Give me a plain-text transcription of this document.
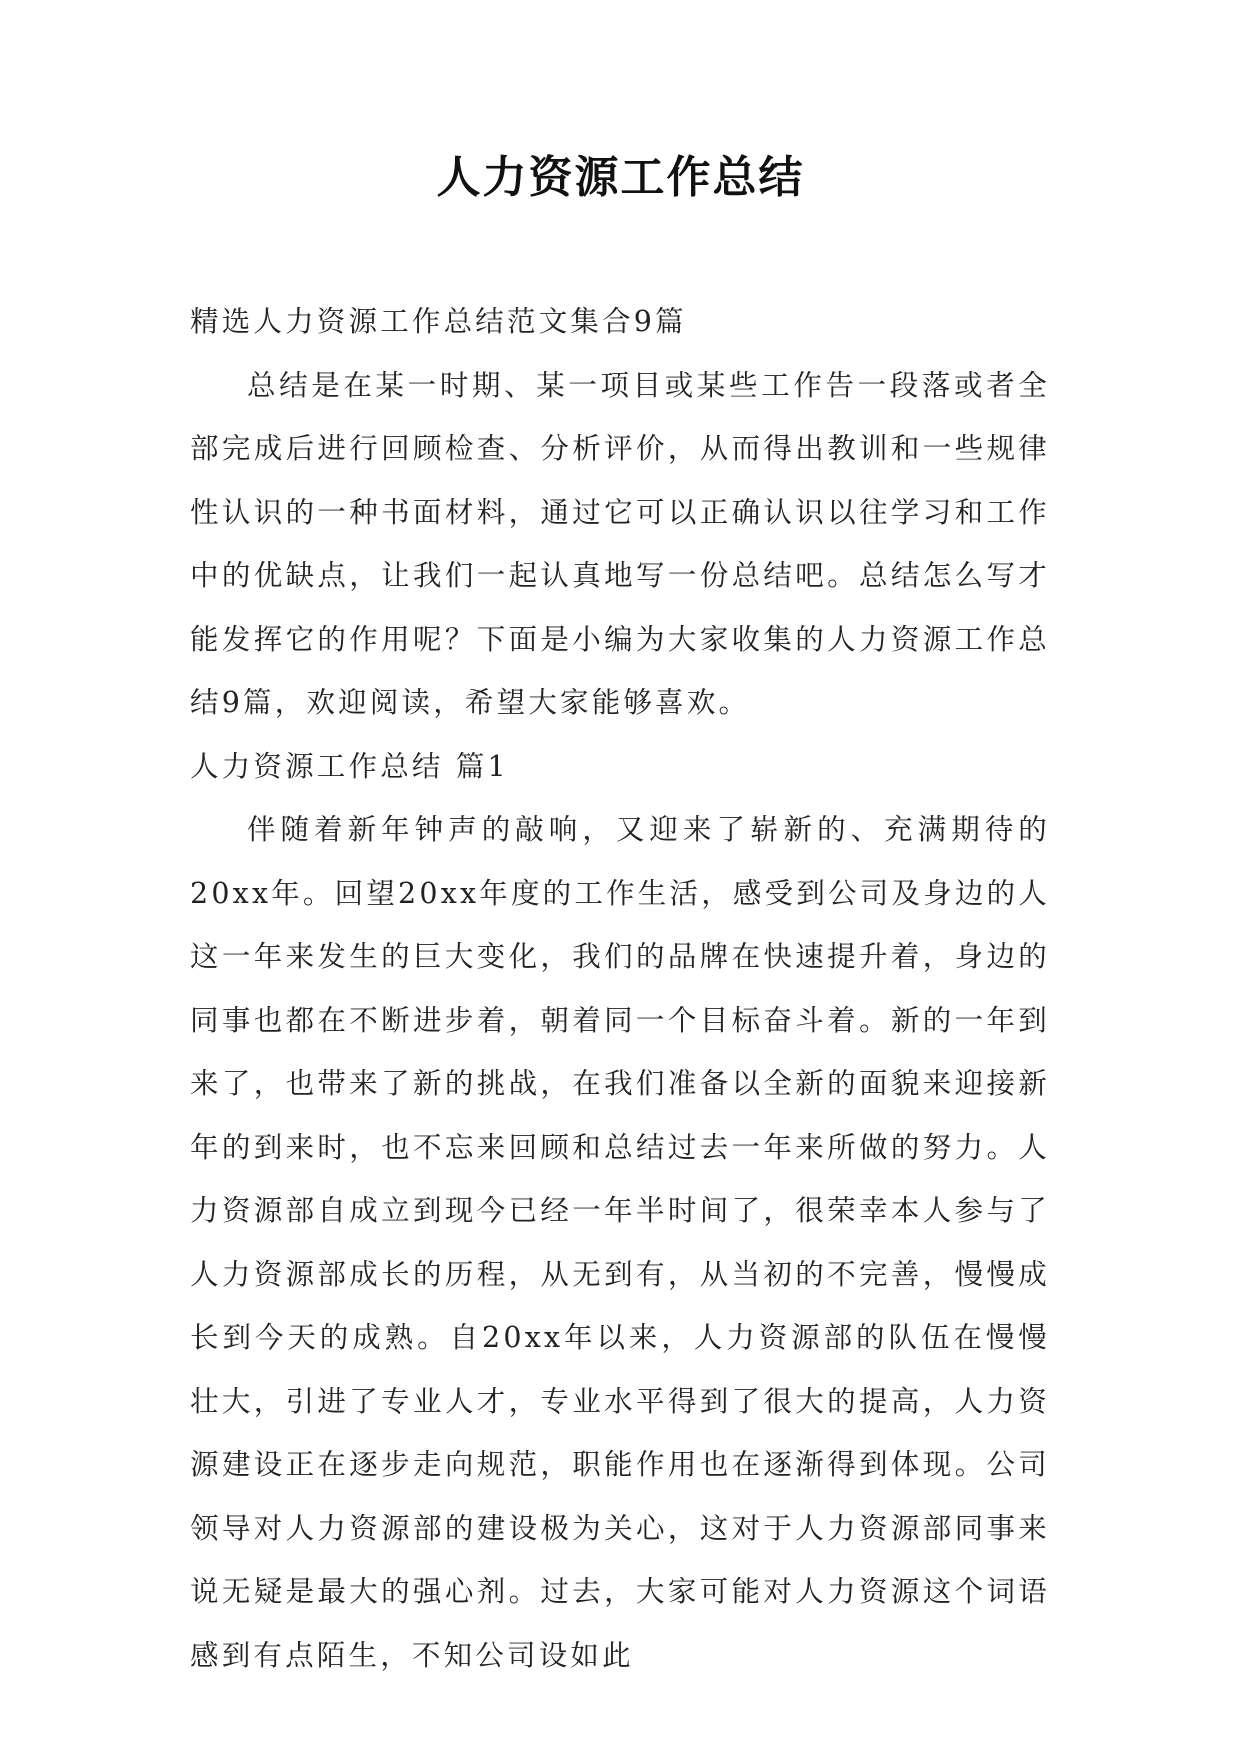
人力资源工作总结

精选人力资源工作总结范文集合9篇

总结是在某一时期、某一项目或某些工作告一段落或者全部完成后进行回顾检查、分析评价，从而得出教训和一些规律性认识的一种书面材料，通过它可以正确认识以往学习和工作中的优缺点，让我们一起认真地写一份总结吧。总结怎么写才能发挥它的作用呢？下面是小编为大家收集的人力资源工作总结9篇，欢迎阅读，希望大家能够喜欢。

人力资源工作总结 篇1

伴随着新年钟声的敲响，又迎来了崭新的、充满期待的20xx年。回望20xx年度的工作生活，感受到公司及身边的人这一年来发生的巨大变化，我们的品牌在快速提升着，身边的同事也都在不断进步着，朝着同一个目标奋斗着。新的一年到来了，也带来了新的挑战，在我们准备以全新的面貌来迎接新年的到来时，也不忘来回顾和总结过去一年来所做的努力。人力资源部自成立到现今已经一年半时间了，很荣幸本人参与了人力资源部成长的历程，从无到有，从当初的不完善，慢慢成长到今天的成熟。自20xx年以来，人力资源部的队伍在慢慢壮大，引进了专业人才，专业水平得到了很大的提高，人力资源建设正在逐步走向规范，职能作用也在逐渐得到体现。公司领导对人力资源部的建设极为关心，这对于人力资源部同事来说无疑是最大的强心剂。过去，大家可能对人力资源这个词语感到有点陌生，不知公司设如此
